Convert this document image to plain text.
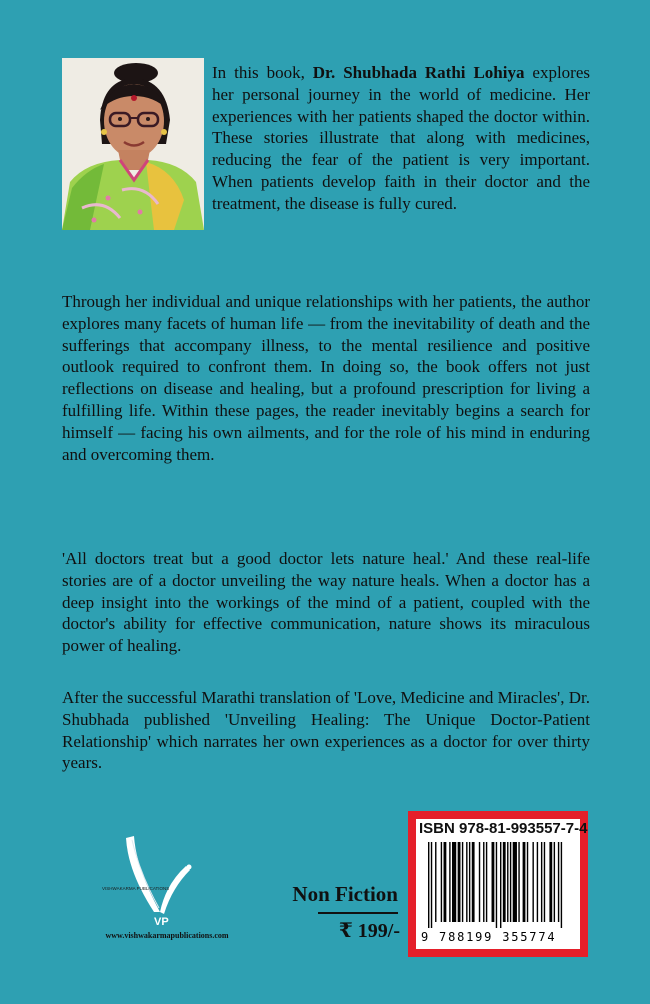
In this book, Dr. Shubhada Rathi Lohiya explores her personal journey in the world of medicine. Her experiences with her patients shaped the doctor within. These stories illustrate that along with medicines, reducing the fear of the patient is very important. When patients develop faith in their doctor and the treatment, the disease is fully cured.

Through her individual and unique relationships with her patients, the author explores many facets of human life — from the inevitability of death and the sufferings that accompany illness, to the mental resilience and positive outlook required to confront them. In doing so, the book offers not just reflections on disease and healing, but a profound prescription for living a fulfilling life. Within these pages, the reader inevitably begins a search for himself — facing his own ailments, and for the role of his mind in enduring and overcoming them.

'All doctors treat but a good doctor lets nature heal.' And these real-life stories are of a doctor unveiling the way nature heals. When a doctor has a deep insight into the workings of the mind of a patient, coupled with the doctor's ability for effective communication, nature shows its miraculous power of healing.

After the successful Marathi translation of 'Love, Medicine and Miracles', Dr. Shubhada published 'Unveiling Healing: The Unique Doctor-Patient Relationship' which narrates her own experiences as a doctor for over thirty years.

VISHWAKARMA PUBLICATIONS
VP
www.vishwakarmapublications.com
Non Fiction
₹ 199/-
ISBN 978-81-993557-7-4
9 788199 355774
